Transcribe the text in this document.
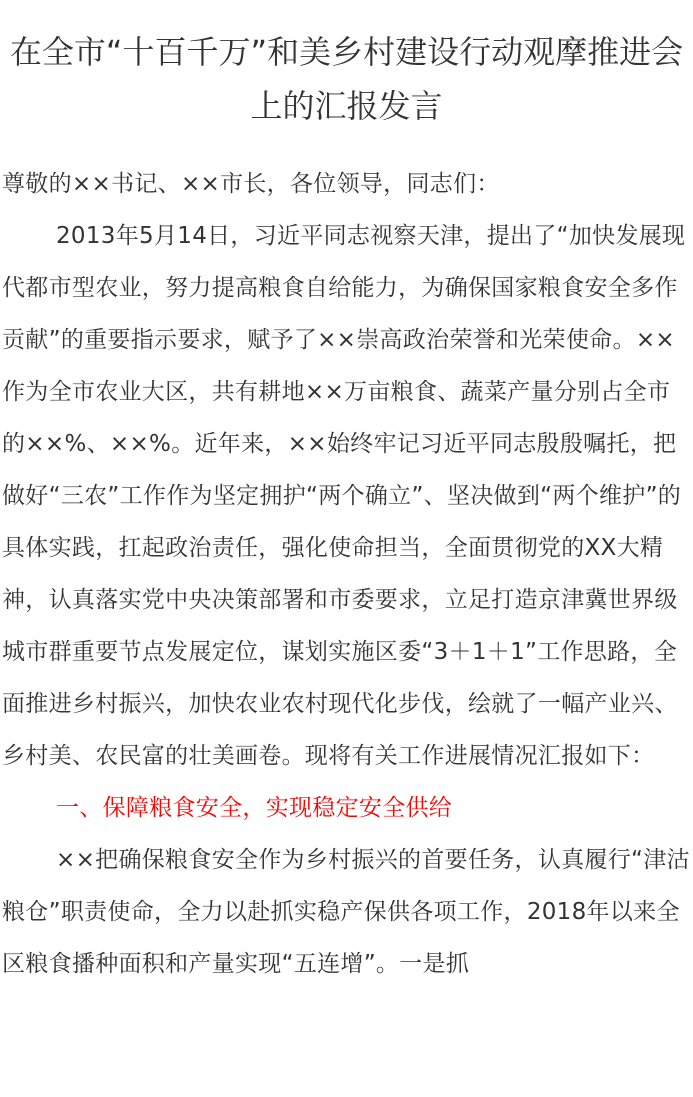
在全市“十百千万”和美乡村建设行动观摩推进会上的汇报发言

尊敬的××书记、××市长，各位领导，同志们：

2013年5月14日，习近平同志视察天津，提出了“加快发展现代都市型农业，努力提高粮食自给能力，为确保国家粮食安全多作贡献”的重要指示要求，赋予了××崇高政治荣誉和光荣使命。××作为全市农业大区，共有耕地××万亩粮食、蔬菜产量分别占全市的××%、××%。近年来，××始终牢记习近平同志殷殷嘱托，把做好“三农”工作作为坚定拥护“两个确立”、坚决做到“两个维护”的具体实践，扛起政治责任，强化使命担当，全面贯彻党的XX大精神，认真落实党中央决策部署和市委要求，立足打造京津冀世界级城市群重要节点发展定位，谋划实施区委“3＋1＋1”工作思路，全面推进乡村振兴，加快农业农村现代化步伐，绘就了一幅产业兴、乡村美、农民富的壮美画卷。现将有关工作进展情况汇报如下：

一、保障粮食安全，实现稳定安全供给

××把确保粮食安全作为乡村振兴的首要任务，认真履行“津沽粮仓”职责使命，全力以赴抓实稳产保供各项工作，2018年以来全区粮食播种面积和产量实现“五连增”。一是抓
